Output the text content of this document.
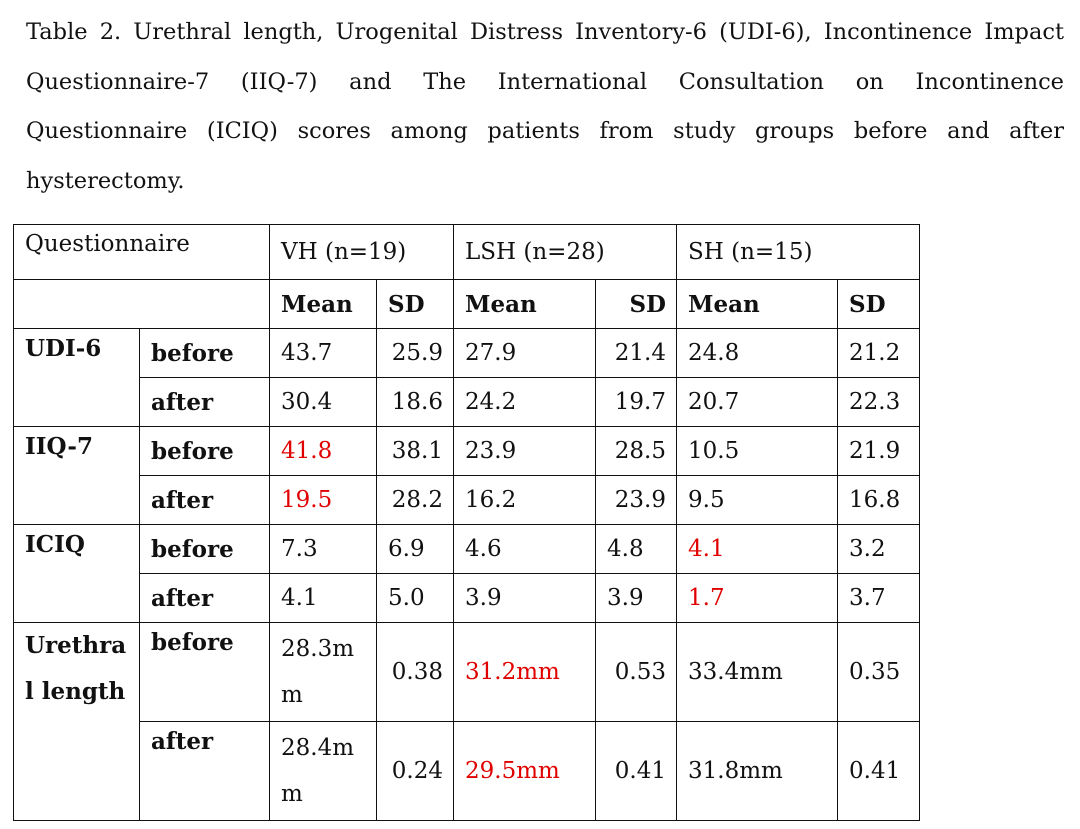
Table 2. Urethral length, Urogenital Distress Inventory-6 (UDI-6), Incontinence Impact Questionnaire-7 (IIQ-7) and The International Consultation on Incontinence Questionnaire (ICIQ) scores among patients from study groups before and after hysterectomy.
Questionnaire		VH (n=19)		LSH (n=28)		SH (n=15)	
		Mean	SD	Mean	SD	Mean	SD
UDI-6	before	43.7	25.9	27.9	21.4	24.8	21.2
	after	30.4	18.6	24.2	19.7	20.7	22.3
IIQ-7	before	41.8	38.1	23.9	28.5	10.5	21.9
	after	19.5	28.2	16.2	23.9	9.5	16.8
ICIQ	before	7.3	6.9	4.6	4.8	4.1	3.2
	after	4.1	5.0	3.9	3.9	1.7	3.7
Urethra l length	before	28.3m m	0.38	31.2mm	0.53	33.4mm	0.35
	after	28.4m m	0.24	29.5mm	0.41	31.8mm	0.41
